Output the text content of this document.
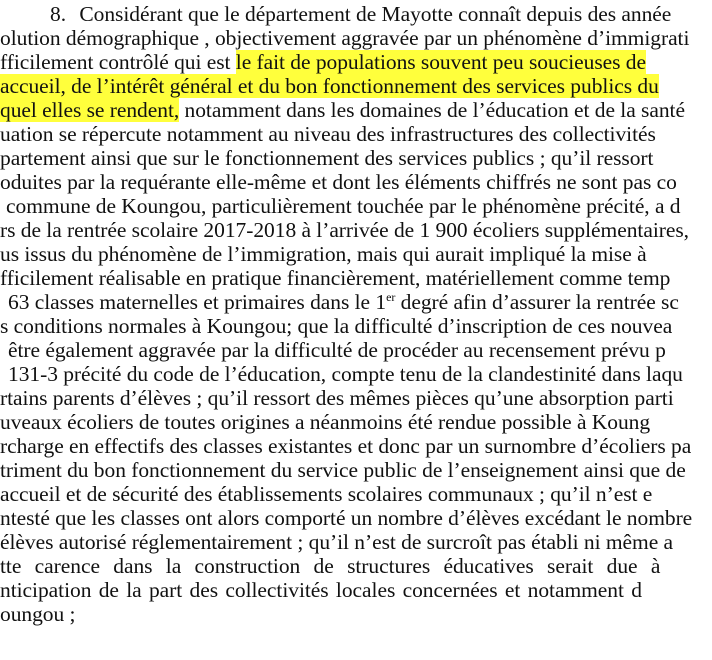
8. Considérant que le département de Mayotte connaît depuis des année
olution démographique , objectivement aggravée par un phénomène d’immigrati
fficilement contrôlé qui est le fait de populations souvent peu soucieuses de
accueil, de l’intérêt général et du bon fonctionnement des services publics du
quel elles se rendent, notamment dans les domaines de l’éducation et de la santé
uation se répercute notamment au niveau des infrastructures des collectivités
partement ainsi que sur le fonctionnement des services publics ; qu’il ressort
oduites par la requérante elle-même et dont les éléments chiffrés ne sont pas co
commune de Koungou, particulièrement touchée par le phénomène précité, a d
rs de la rentrée scolaire 2017-2018 à l’arrivée de 1 900 écoliers supplémentaires,
us issus du phénomène de l’immigration, mais qui aurait impliqué la mise à
fficilement réalisable en pratique financièrement, matériellement comme temp
63 classes maternelles et primaires dans le 1er degré afin d’assurer la rentrée sc
s conditions normales à Koungou; que la difficulté d’inscription de ces nouvea
être également aggravée par la difficulté de procéder au recensement prévu p
131-3 précité du code de l’éducation, compte tenu de la clandestinité dans laqu
rtains parents d’élèves ; qu’il ressort des mêmes pièces qu’une absorption parti
uveaux écoliers de toutes origines a néanmoins été rendue possible à Koung
rcharge en effectifs des classes existantes et donc par un surnombre d’écoliers pa
triment du bon fonctionnement du service public de l’enseignement ainsi que de
accueil et de sécurité des établissements scolaires communaux ; qu’il n’est e
ntesté que les classes ont alors comporté un nombre d’élèves excédant le nombre
élèves autorisé réglementairement ; qu’il n’est de surcroît pas établi ni même a
tte carence dans la construction de structures éducatives serait due à
nticipation de la part des collectivités locales concernées et notamment d
oungou ;
